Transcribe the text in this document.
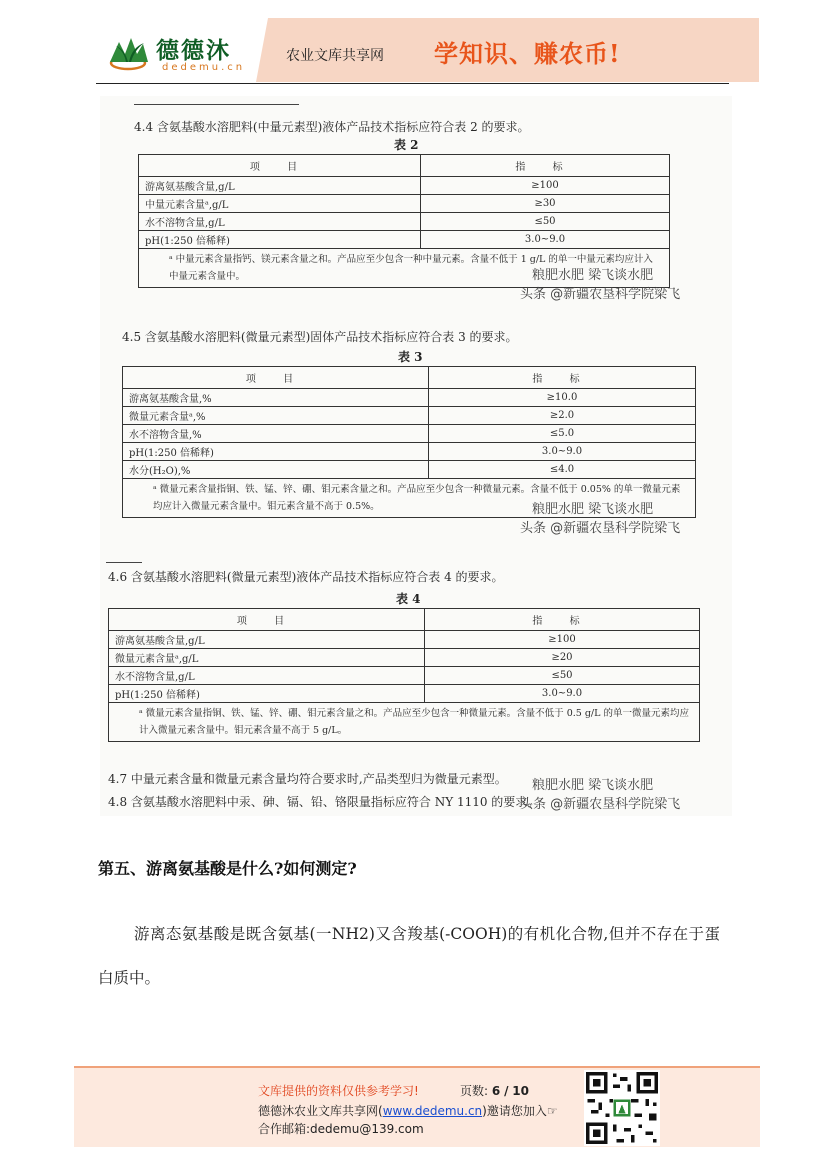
德德沐
dedemu.cn
农业文库共享网 学知识、赚农币!
4.4 含氨基酸水溶肥料(中量元素型)液体产品技术指标应符合表 2 的要求。
表 2
项 目	指 标
游离氨基酸含量,g/L	≥100
中量元素含量ᵃ,g/L	≥30
水不溶物含量,g/L	≤50
pH(1:250 倍稀释)	3.0~9.0
ᵃ 中量元素含量指钙、镁元素含量之和。产品应至少包含一种中量元素。含量不低于 1 g/L 的单一中量元素均应计入中量元素含量中。	
4.5 含氨基酸水溶肥料(微量元素型)固体产品技术指标应符合表 3 的要求。
表 3
项 目	指 标
游离氨基酸含量,%	≥10.0
微量元素含量ᵃ,%	≥2.0
水不溶物含量,%	≤5.0
pH(1:250 倍稀释)	3.0~9.0
水分(H₂O),%	≤4.0
ᵃ 微量元素含量指铜、铁、锰、锌、硼、钼元素含量之和。产品应至少包含一种微量元素。含量不低于 0.05% 的单一微量元素均应计入微量元素含量中。钼元素含量不高于 0.5%。	
4.6 含氨基酸水溶肥料(微量元素型)液体产品技术指标应符合表 4 的要求。
表 4
项 目	指 标
游离氨基酸含量,g/L	≥100
微量元素含量ᵃ,g/L	≥20
水不溶物含量,g/L	≤50
pH(1:250 倍稀释)	3.0~9.0
ᵃ 微量元素含量指铜、铁、锰、锌、硼、钼元素含量之和。产品应至少包含一种微量元素。含量不低于 0.5 g/L 的单一微量元素均应计入微量元素含量中。钼元素含量不高于 5 g/L。	
4.7 中量元素含量和微量元素含量均符合要求时,产品类型归为微量元素型。
4.8 含氨基酸水溶肥料中汞、砷、镉、铅、铬限量指标应符合 NY 1110 的要求。
粮肥水肥 梁飞谈水肥
头条 @新疆农垦科学院梁飞
粮肥水肥 梁飞谈水肥
头条 @新疆农垦科学院梁飞
粮肥水肥 梁飞谈水肥
头条 @新疆农垦科学院梁飞
第五、游离氨基酸是什么?如何测定?
游离态氨基酸是既含氨基(一NH2)又含羧基(-COOH)的有机化合物,但并不存在于蛋白质中。
文库提供的资料仅供参考学习!	页数: 6 / 10
德德沐农业文库共享网(www.dedemu.cn)邀请您加入☞
合作邮箱:dedemu@139.com
